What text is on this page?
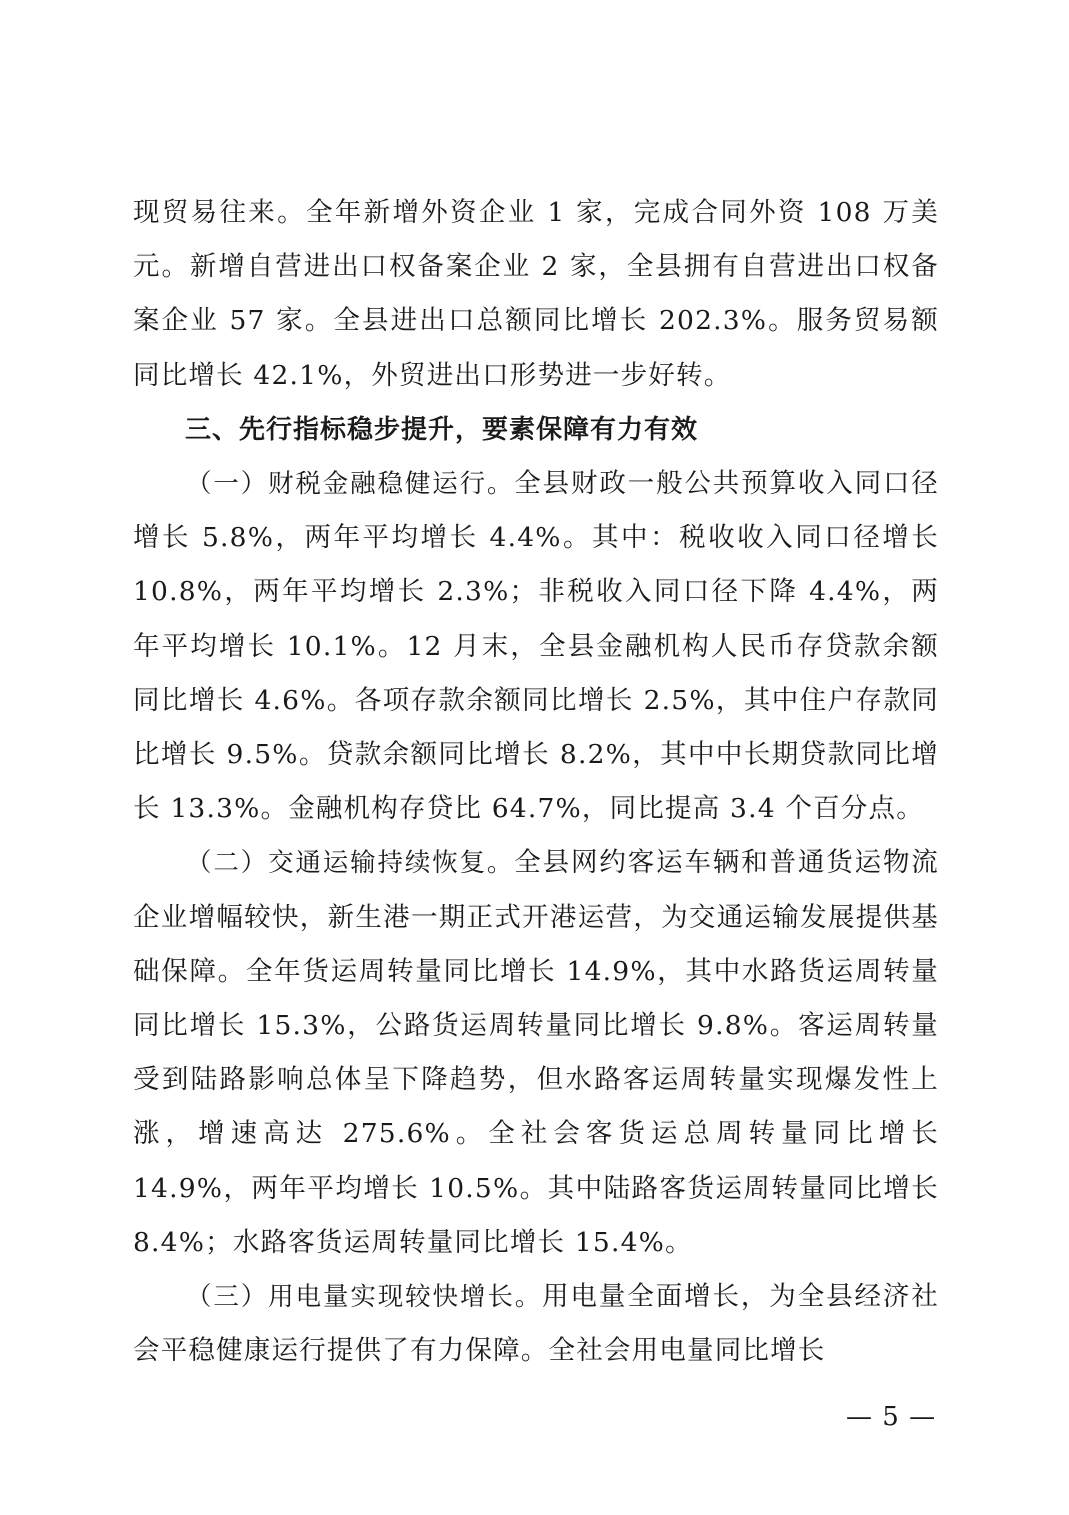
现贸易往来。全年新增外资企业 1 家，完成合同外资 108 万美元。新增自营进出口权备案企业 2 家，全县拥有自营进出口权备案企业 57 家。全县进出口总额同比增长 202.3%。服务贸易额同比增长 42.1%，外贸进出口形势进一步好转。

三、先行指标稳步提升，要素保障有力有效

（一）财税金融稳健运行。全县财政一般公共预算收入同口径增长 5.8%，两年平均增长 4.4%。其中：税收收入同口径增长 10.8%，两年平均增长 2.3%；非税收入同口径下降 4.4%，两年平均增长 10.1%。12 月末，全县金融机构人民币存贷款余额同比增长 4.6%。各项存款余额同比增长 2.5%，其中住户存款同比增长 9.5%。贷款余额同比增长 8.2%，其中中长期贷款同比增长 13.3%。金融机构存贷比 64.7%，同比提高 3.4 个百分点。

（二）交通运输持续恢复。全县网约客运车辆和普通货运物流企业增幅较快，新生港一期正式开港运营，为交通运输发展提供基础保障。全年货运周转量同比增长 14.9%，其中水路货运周转量同比增长 15.3%，公路货运周转量同比增长 9.8%。客运周转量受到陆路影响总体呈下降趋势，但水路客运周转量实现爆发性上涨，增速高达 275.6%。全社会客货运总周转量同比增长 14.9%，两年平均增长 10.5%。其中陆路客货运周转量同比增长 8.4%；水路客货运周转量同比增长 15.4%。

（三）用电量实现较快增长。用电量全面增长，为全县经济社会平稳健康运行提供了有力保障。全社会用电量同比增长

— 5 —
